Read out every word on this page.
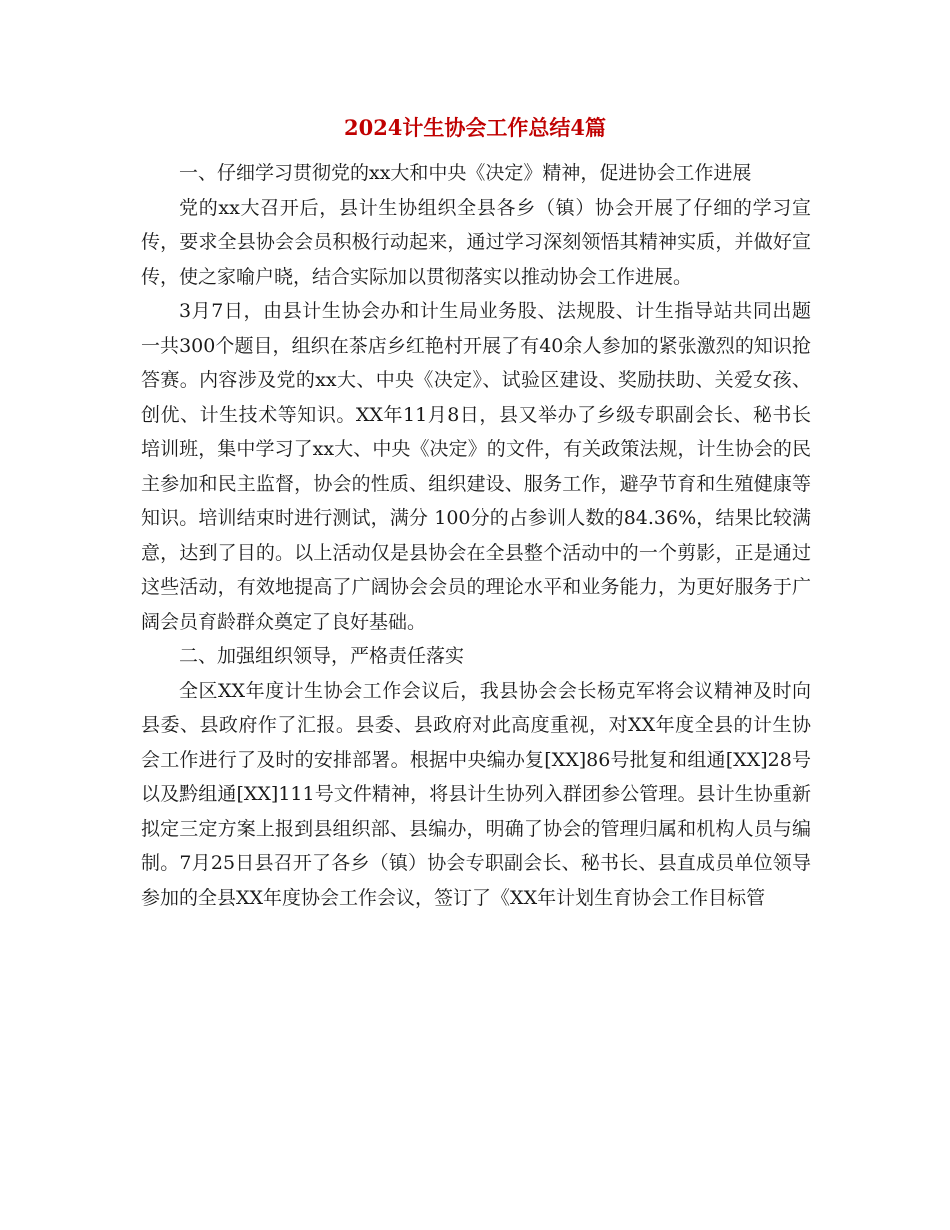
2024计生协会工作总结4篇

一、仔细学习贯彻党的xx大和中央《决定》精神，促进协会工作进展

党的xx大召开后，县计生协组织全县各乡（镇）协会开展了仔细的学习宣传，要求全县协会会员积极行动起来，通过学习深刻领悟其精神实质，并做好宣传，使之家喻户晓，结合实际加以贯彻落实以推动协会工作进展。

3月7日，由县计生协会办和计生局业务股、法规股、计生指导站共同出题一共300个题目，组织在茶店乡红艳村开展了有40余人参加的紧张激烈的知识抢答赛。内容涉及党的xx大、中央《决定》、试验区建设、奖励扶助、关爱女孩、创优、计生技术等知识。XX年11月8日，县又举办了乡级专职副会长、秘书长培训班，集中学习了xx大、中央《决定》的文件，有关政策法规，计生协会的民主参加和民主监督，协会的性质、组织建设、服务工作，避孕节育和生殖健康等知识。培训结束时进行测试，满分 100分的占参训人数的84.36%，结果比较满意，达到了目的。以上活动仅是县协会在全县整个活动中的一个剪影，正是通过这些活动，有效地提高了广阔协会会员的理论水平和业务能力，为更好服务于广阔会员育龄群众奠定了良好基础。

二、加强组织领导，严格责任落实

全区XX年度计生协会工作会议后，我县协会会长杨克军将会议精神及时向县委、县政府作了汇报。县委、县政府对此高度重视，对XX年度全县的计生协会工作进行了及时的安排部署。根据中央编办复[XX]86号批复和组通[XX]28号以及黔组通[XX]111号文件精神，将县计生协列入群团参公管理。县计生协重新拟定三定方案上报到县组织部、县编办，明确了协会的管理归属和机构人员与编制。7月25日县召开了各乡（镇）协会专职副会长、秘书长、县直成员单位领导参加的全县XX年度协会工作会议，签订了《XX年计划生育协会工作目标管
